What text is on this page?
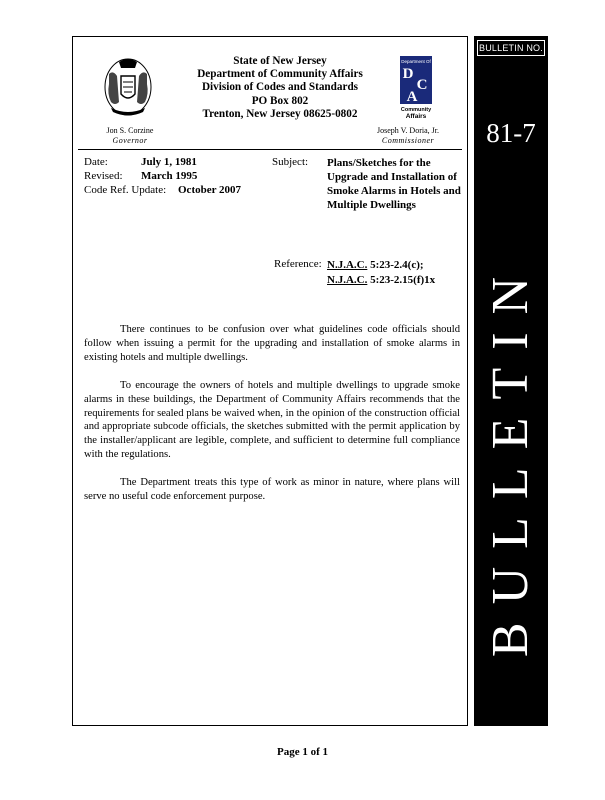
State of New Jersey
Department of Community Affairs
Division of Codes and Standards
PO Box 802
Trenton, New Jersey 08625-0802
Department Of
D
C
A
Community
Affairs
Jon S. Corzine
Governor
Joseph V. Doria, Jr.
Commissioner
Date:	July 1, 1981
Revised: March 1995
Code Ref. Update: October 2007
Subject: Plans/Sketches for the Upgrade and Installation of Smoke Alarms in Hotels and Multiple Dwellings
Reference: N.J.A.C. 5:23-2.4(c);
N.J.A.C. 5:23-2.15(f)1x

There continues to be confusion over what guidelines code officials should follow when issuing a permit for the upgrading and installation of smoke alarms in existing hotels and multiple dwellings.

To encourage the owners of hotels and multiple dwellings to upgrade smoke alarms in these buildings, the Department of Community Affairs recommends that the requirements for sealed plans be waived when, in the opinion of the construction official and appropriate subcode officials, the sketches submitted with the permit application by the installer/applicant are legible, complete, and sufficient to determine full compliance with the regulations.

The Department treats this type of work as minor in nature, where plans will serve no useful code enforcement purpose.

BULLETIN NO.
81-7
BULLETIN
Page 1 of 1
